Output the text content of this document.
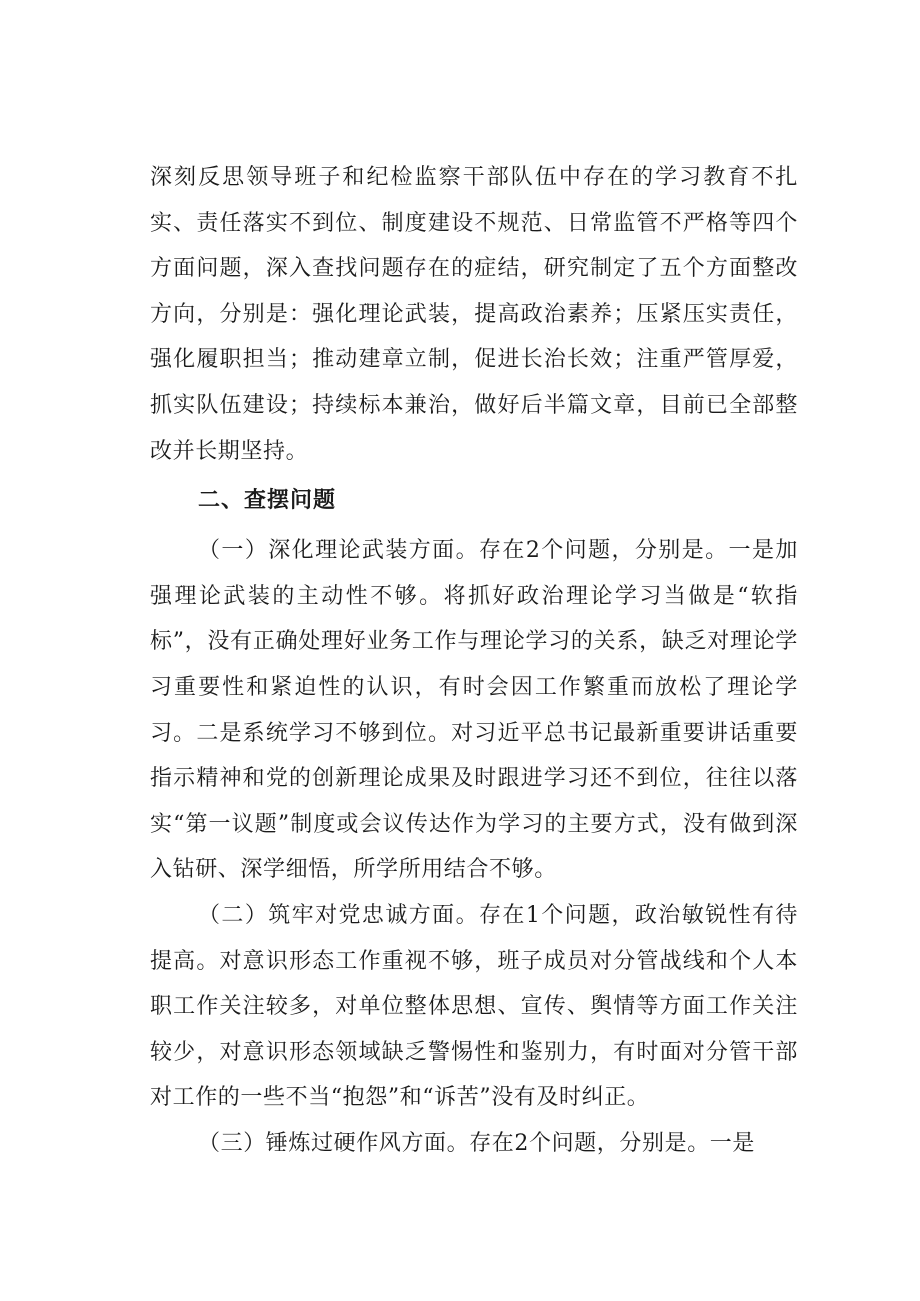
深刻反思领导班子和纪检监察干部队伍中存在的学习教育不扎实、责任落实不到位、制度建设不规范、日常监管不严格等四个方面问题，深入查找问题存在的症结，研究制定了五个方面整改方向，分别是：强化理论武装，提高政治素养；压紧压实责任，强化履职担当；推动建章立制，促进长治长效；注重严管厚爱，抓实队伍建设；持续标本兼治，做好后半篇文章，目前已全部整改并长期坚持。

二、查摆问题

（一）深化理论武装方面。存在2个问题，分别是。一是加强理论武装的主动性不够。将抓好政治理论学习当做是“软指标”，没有正确处理好业务工作与理论学习的关系，缺乏对理论学习重要性和紧迫性的认识，有时会因工作繁重而放松了理论学习。二是系统学习不够到位。对习近平总书记最新重要讲话重要指示精神和党的创新理论成果及时跟进学习还不到位，往往以落实“第一议题”制度或会议传达作为学习的主要方式，没有做到深入钻研、深学细悟，所学所用结合不够。

（二）筑牢对党忠诚方面。存在1个问题，政治敏锐性有待提高。对意识形态工作重视不够，班子成员对分管战线和个人本职工作关注较多，对单位整体思想、宣传、舆情等方面工作关注较少，对意识形态领域缺乏警惕性和鉴别力，有时面对分管干部对工作的一些不当“抱怨”和“诉苦”没有及时纠正。

（三）锤炼过硬作风方面。存在2个问题，分别是。一是
